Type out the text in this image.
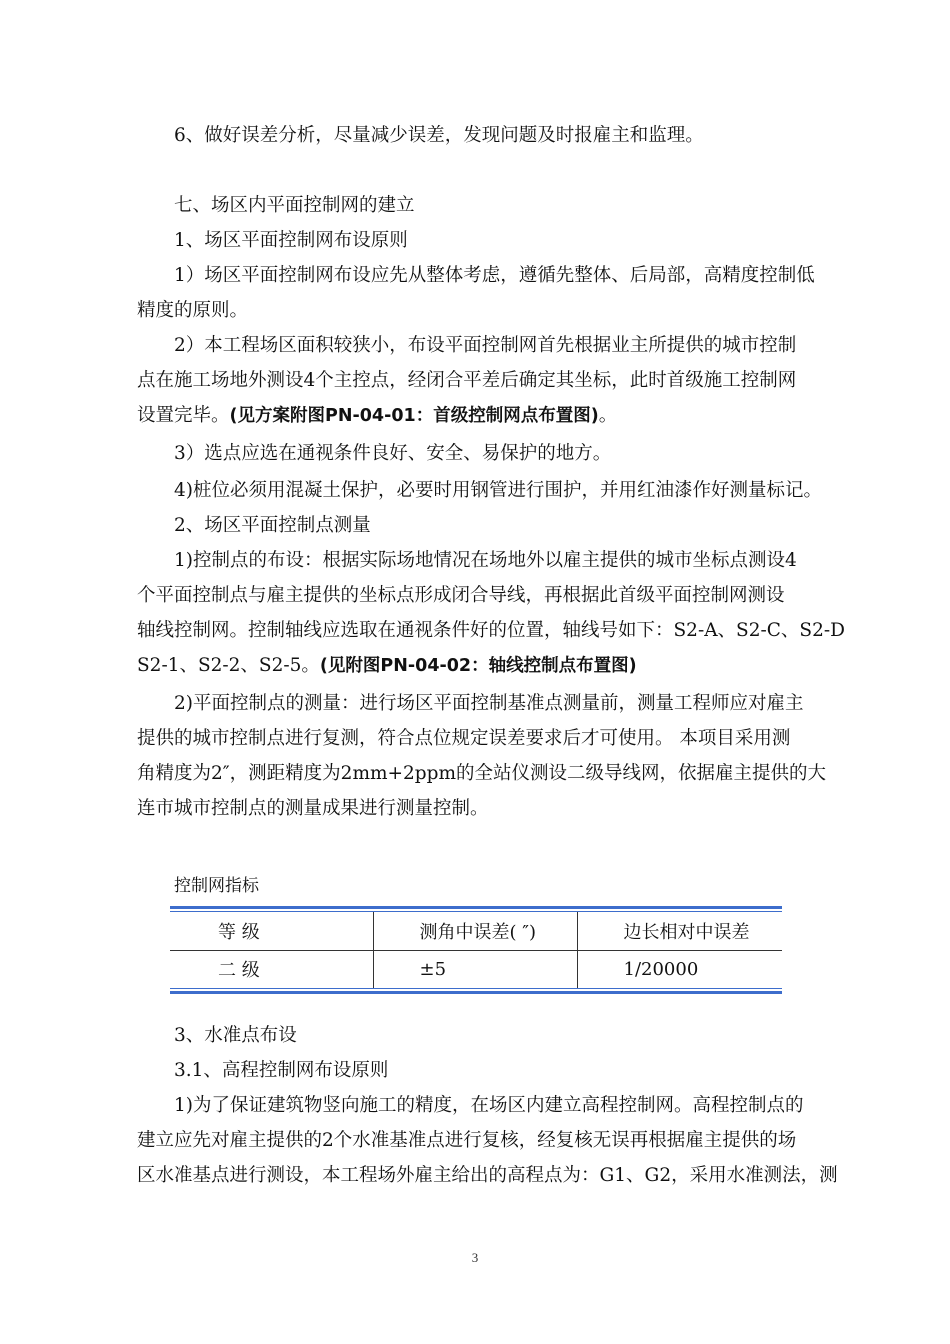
6、做好误差分析，尽量减少误差，发现问题及时报雇主和监理。
七、场区内平面控制网的建立
1、场区平面控制网布设原则
1）场区平面控制网布设应先从整体考虑，遵循先整体、后局部，高精度控制低
精度的原则。
2）本工程场区面积较狭小，布设平面控制网首先根据业主所提供的城市控制
点在施工场地外测设4个主控点，经闭合平差后确定其坐标，此时首级施工控制网
设置完毕。(见方案附图PN-04-01：首级控制网点布置图)。
3）选点应选在通视条件良好、安全、易保护的地方。
4)桩位必须用混凝土保护，必要时用钢管进行围护，并用红油漆作好测量标记。
2、场区平面控制点测量
1)控制点的布设：根据实际场地情况在场地外以雇主提供的城市坐标点测设4
个平面控制点与雇主提供的坐标点形成闭合导线，再根据此首级平面控制网测设
轴线控制网。控制轴线应选取在通视条件好的位置，轴线号如下：S2-A、S2-C、S2-D
S2-1、S2-2、S2-5。(见附图PN-04-02：轴线控制点布置图)
2)平面控制点的测量：进行场区平面控制基准点测量前，测量工程师应对雇主
提供的城市控制点进行复测，符合点位规定误差要求后才可使用。 本项目采用测
角精度为2″，测距精度为2mm+2ppm的全站仪测设二级导线网，依据雇主提供的大
连市城市控制点的测量成果进行测量控制。
控制网指标
等 级	测角中误差( ″)	边长相对中误差
二 级	±5	1/20000
3、水准点布设
3.1、高程控制网布设原则
1)为了保证建筑物竖向施工的精度，在场区内建立高程控制网。高程控制点的
建立应先对雇主提供的2个水准基准点进行复核，经复核无误再根据雇主提供的场
区水准基点进行测设，本工程场外雇主给出的高程点为：G1、G2，采用水准测法，测
3
